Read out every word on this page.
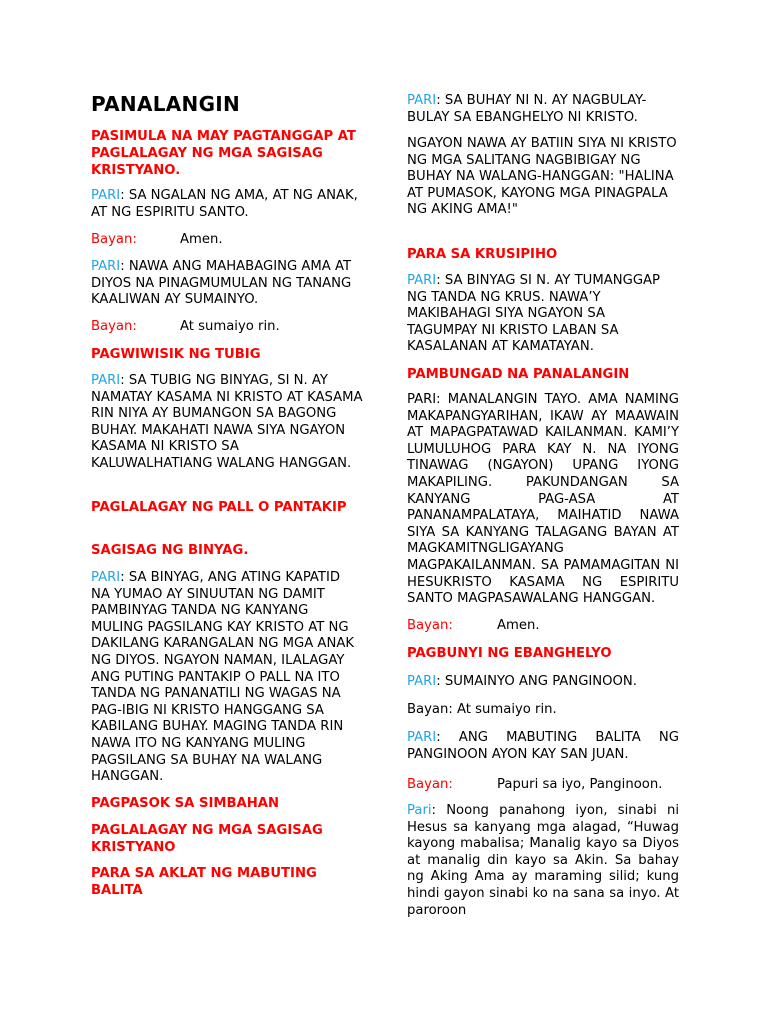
PANALANGIN

PASIMULA NA MAY PAGTANGGAP AT PAGLALAGAY NG MGA SAGISAG KRISTYANO.

PARI: SA NGALAN NG AMA, AT NG ANAK, AT NG ESPIRITU SANTO.

Bayan:	Amen.

PARI: NAWA ANG MAHABAGING AMA AT DIYOS NA PINAGMUMULAN NG TANANG KAALIWAN AY SUMAINYO.

Bayan:	At sumaiyo rin.

PAGWIWISIK NG TUBIG

PARI: SA TUBIG NG BINYAG, SI N. AY NAMATAY KASAMA NI KRISTO AT KASAMA RIN NIYA AY BUMANGON SA BAGONG BUHAY. MAKAHATI NAWA SIYA NGAYON KASAMA NI KRISTO SA KALUWALHATIANG WALANG HANGGAN.

PAGLALAGAY NG PALL O PANTAKIP

SAGISAG NG BINYAG.

PARI: SA BINYAG, ANG ATING KAPATID NA YUMAO AY SINUUTAN NG DAMIT PAMBINYAG TANDA NG KANYANG MULING PAGSILANG KAY KRISTO AT NG DAKILANG KARANGALAN NG MGA ANAK NG DIYOS. NGAYON NAMAN, ILALAGAY ANG PUTING PANTAKIP O PALL NA ITO TANDA NG PANANATILI NG WAGAS NA PAG-IBIG NI KRISTO HANGGANG SA KABILANG BUHAY. MAGING TANDA RIN NAWA ITO NG KANYANG MULING PAGSILANG SA BUHAY NA WALANG HANGGAN.

PAGPASOK SA SIMBAHAN

PAGLALAGAY NG MGA SAGISAG KRISTYANO

PARA SA AKLAT NG MABUTING BALITA

PARI: SA BUHAY NI N. AY NAGBULAY-BULAY SA EBANGHELYO NI KRISTO.

NGAYON NAWA AY BATIIN SIYA NI KRISTO NG MGA SALITANG NAGBIBIGAY NG BUHAY NA WALANG-HANGGAN: "HALINA AT PUMASOK, KAYONG MGA PINAGPALA NG AKING AMA!"

PARA SA KRUSIPIHO

PARI: SA BINYAG SI N. AY TUMANGGAP NG TANDA NG KRUS. NAWA’Y MAKIBAHAGI SIYA NGAYON SA TAGUMPAY NI KRISTO LABAN SA KASALANAN AT KAMATAYAN.

PAMBUNGAD NA PANALANGIN

PARI: MANALANGIN TAYO. AMA NAMING MAKAPANGYARIHAN, IKAW AY MAAWAIN AT MAPAGPATAWAD KAILANMAN. KAMI’Y LUMULUHOG PARA KAY N. NA IYONG TINAWAG (NGAYON) UPANG IYONG MAKAPILING. PAKUNDANGAN SA KANYANG PAG-ASA AT PANANAMPALATAYA, MAIHATID NAWA SIYA SA KANYANG TALAGANG BAYAN AT MAGKAMITNGLIGAYANG MAGPAKAILANMAN. SA PAMAMAGITAN NI HESUKRISTO KASAMA NG ESPIRITU SANTO MAGPASAWALANG HANGGAN.

Bayan:	Amen.

PAGBUNYI NG EBANGHELYO

PARI: SUMAINYO ANG PANGINOON.

Bayan: At sumaiyo rin.

PARI: ANG MABUTING BALITA NG PANGINOON AYON KAY SAN JUAN.

Bayan:	Papuri sa iyo, Panginoon.

Pari: Noong panahong iyon, sinabi ni Hesus sa kanyang mga alagad, “Huwag kayong mabalisa; Manalig kayo sa Diyos at manalig din kayo sa Akin. Sa bahay ng Aking Ama ay maraming silid; kung hindi gayon sinabi ko na sana sa inyo. At paroroon
